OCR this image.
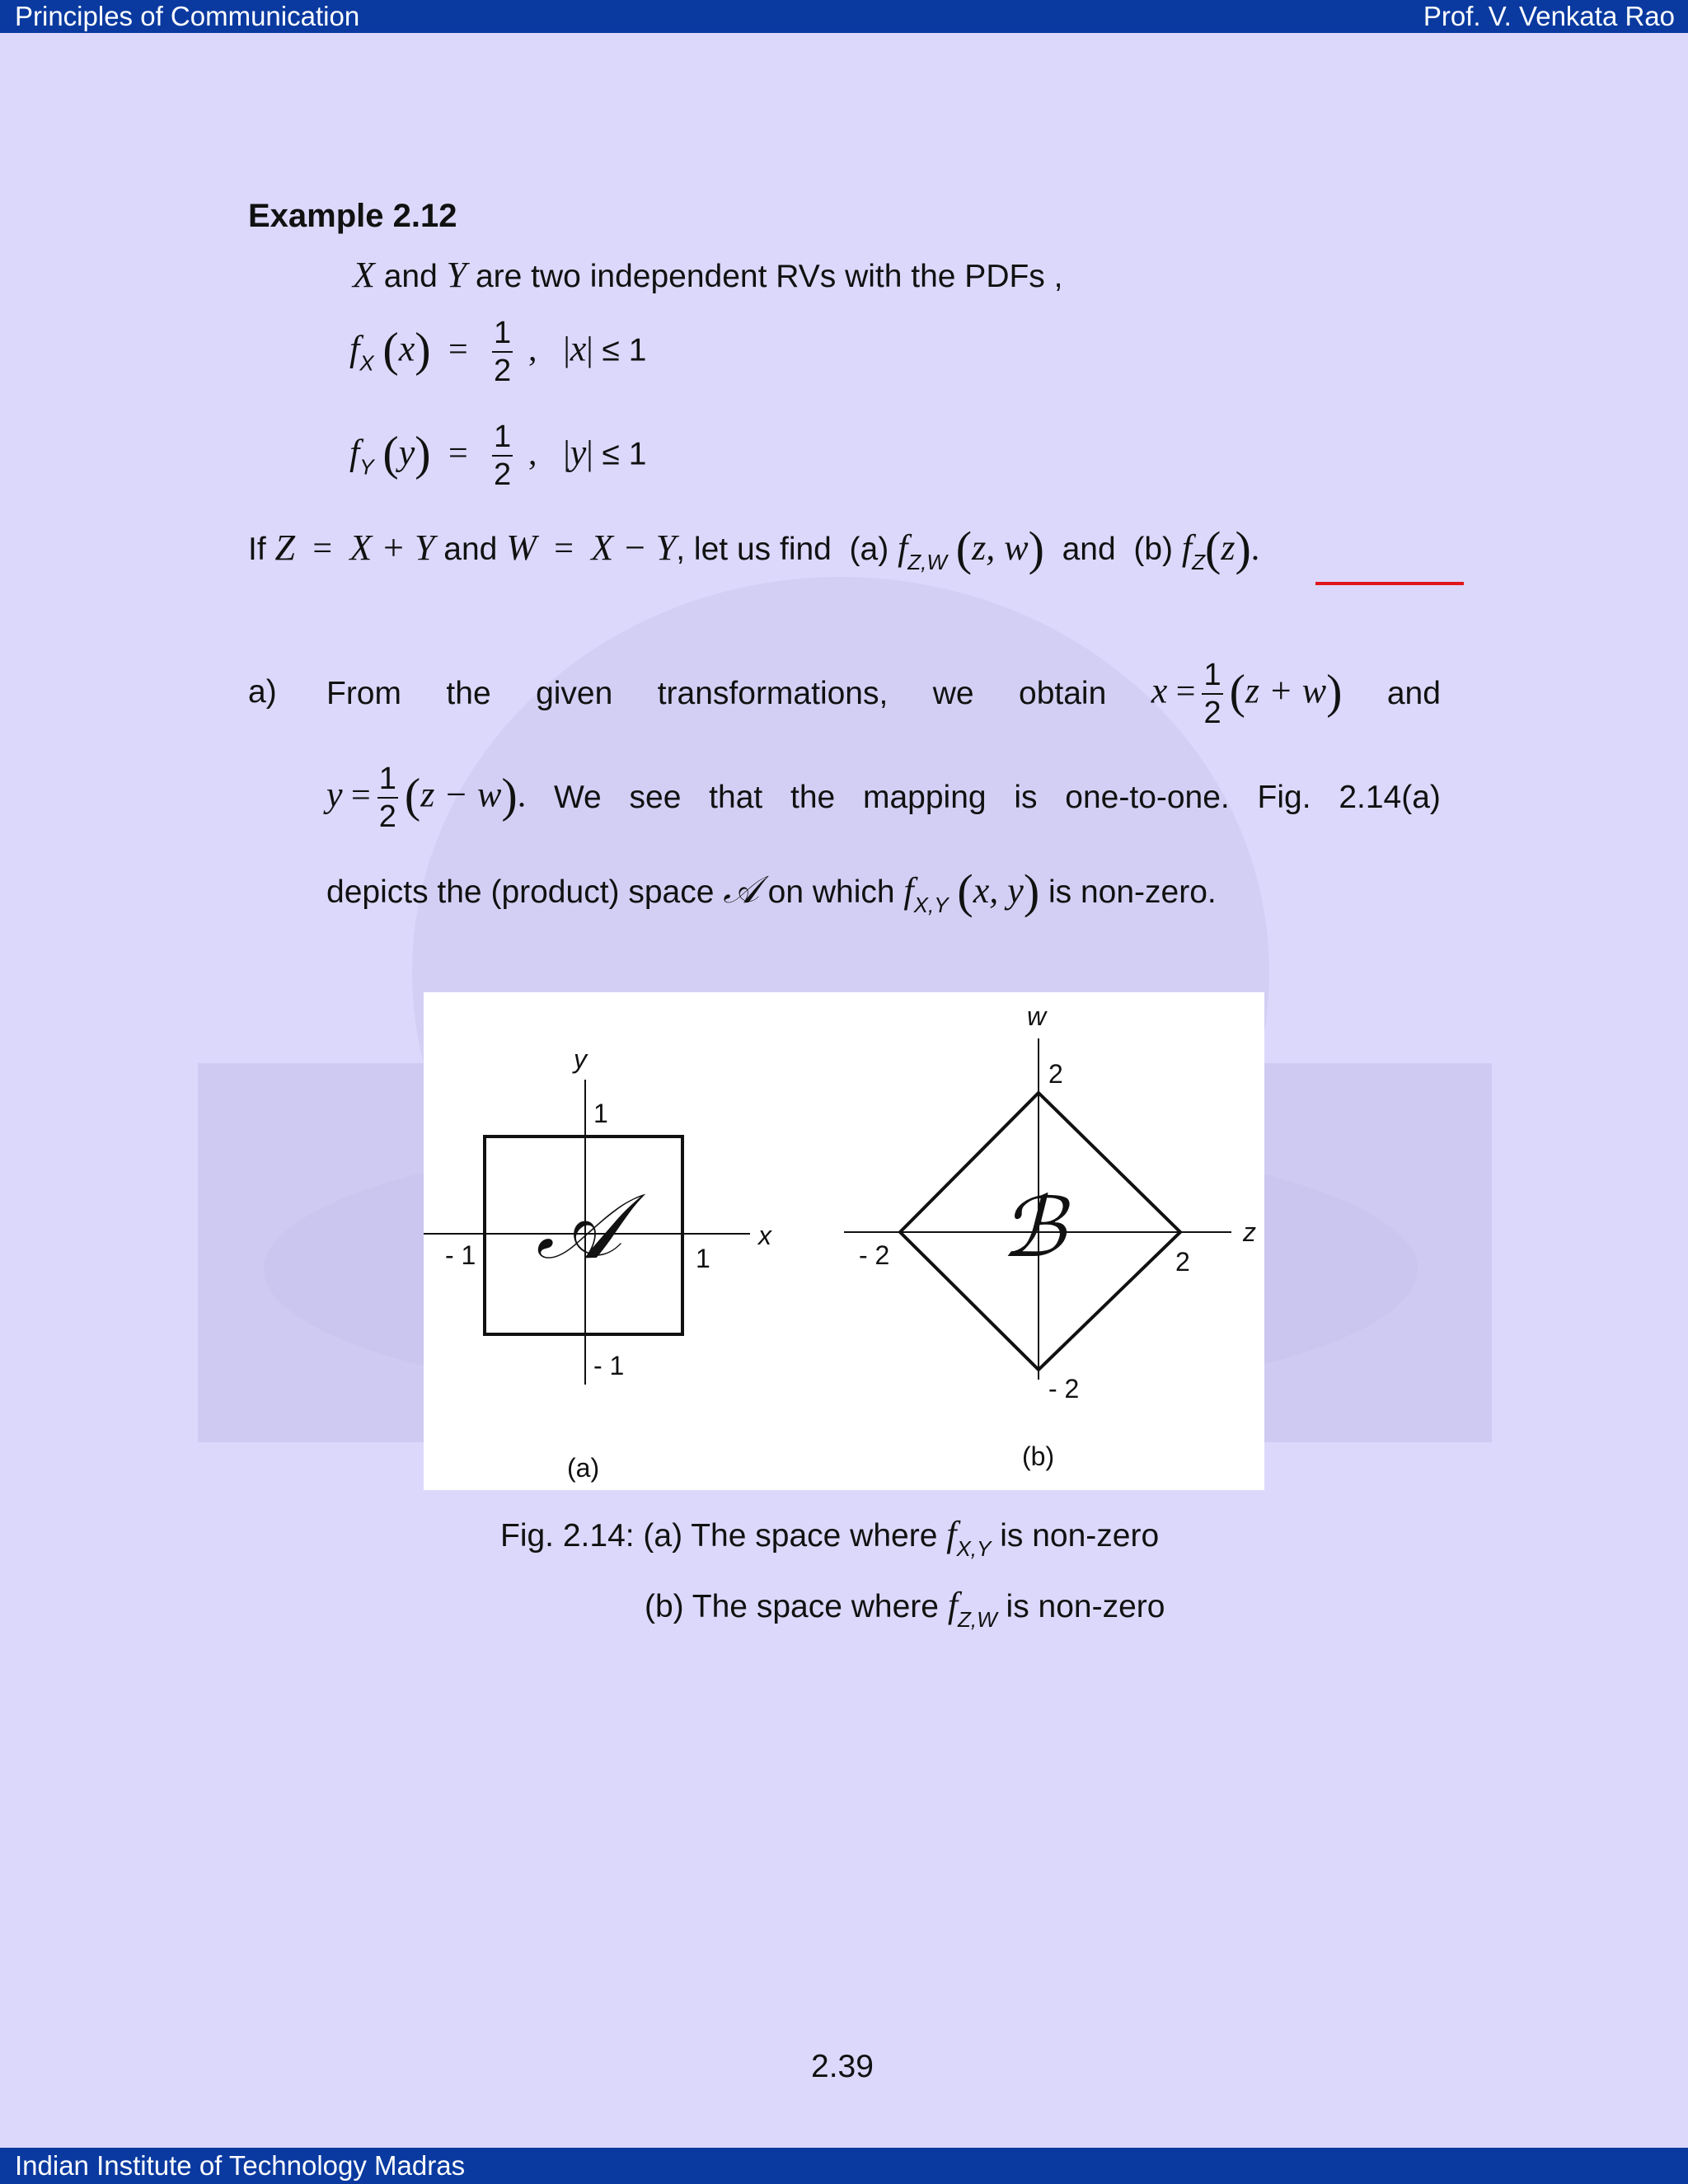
Principles of Communication	Prof. V. Venkata Rao
Example 2.12
X and Y are two independent RVs with the PDFs ,
$f_X$ $(x) = \frac{1}{2}$ ,   |x| ≤ 1
$f_Y$ $(y) = \frac{1}{2}$ ,   |y| ≤ 1
If Z  =  X + Y and W  =  X − Y, let us find (a) $f_{Z,W}$ (z, w) and (b) $f_Z(z)$.
a) From the given transformations, we obtain $x = \frac{1}{2} (z + w)$ and
$y = \frac{1}{2} (z - w)$. We see that the mapping is one-to-one. Fig. 2.14(a)
depicts the (product) space 𝒜 on which $f_{X,Y}$ (x, y) is non-zero.
y
x
1
- 1
- 1	1
(a)
𝒜
w
z
2
- 2
- 2	2
(b)
ℬ
Fig. 2.14: (a) The space where $f_{X,Y}$ is non-zero
(b) The space where $f_{Z,W}$ is non-zero
2.39
Indian Institute of Technology Madras
